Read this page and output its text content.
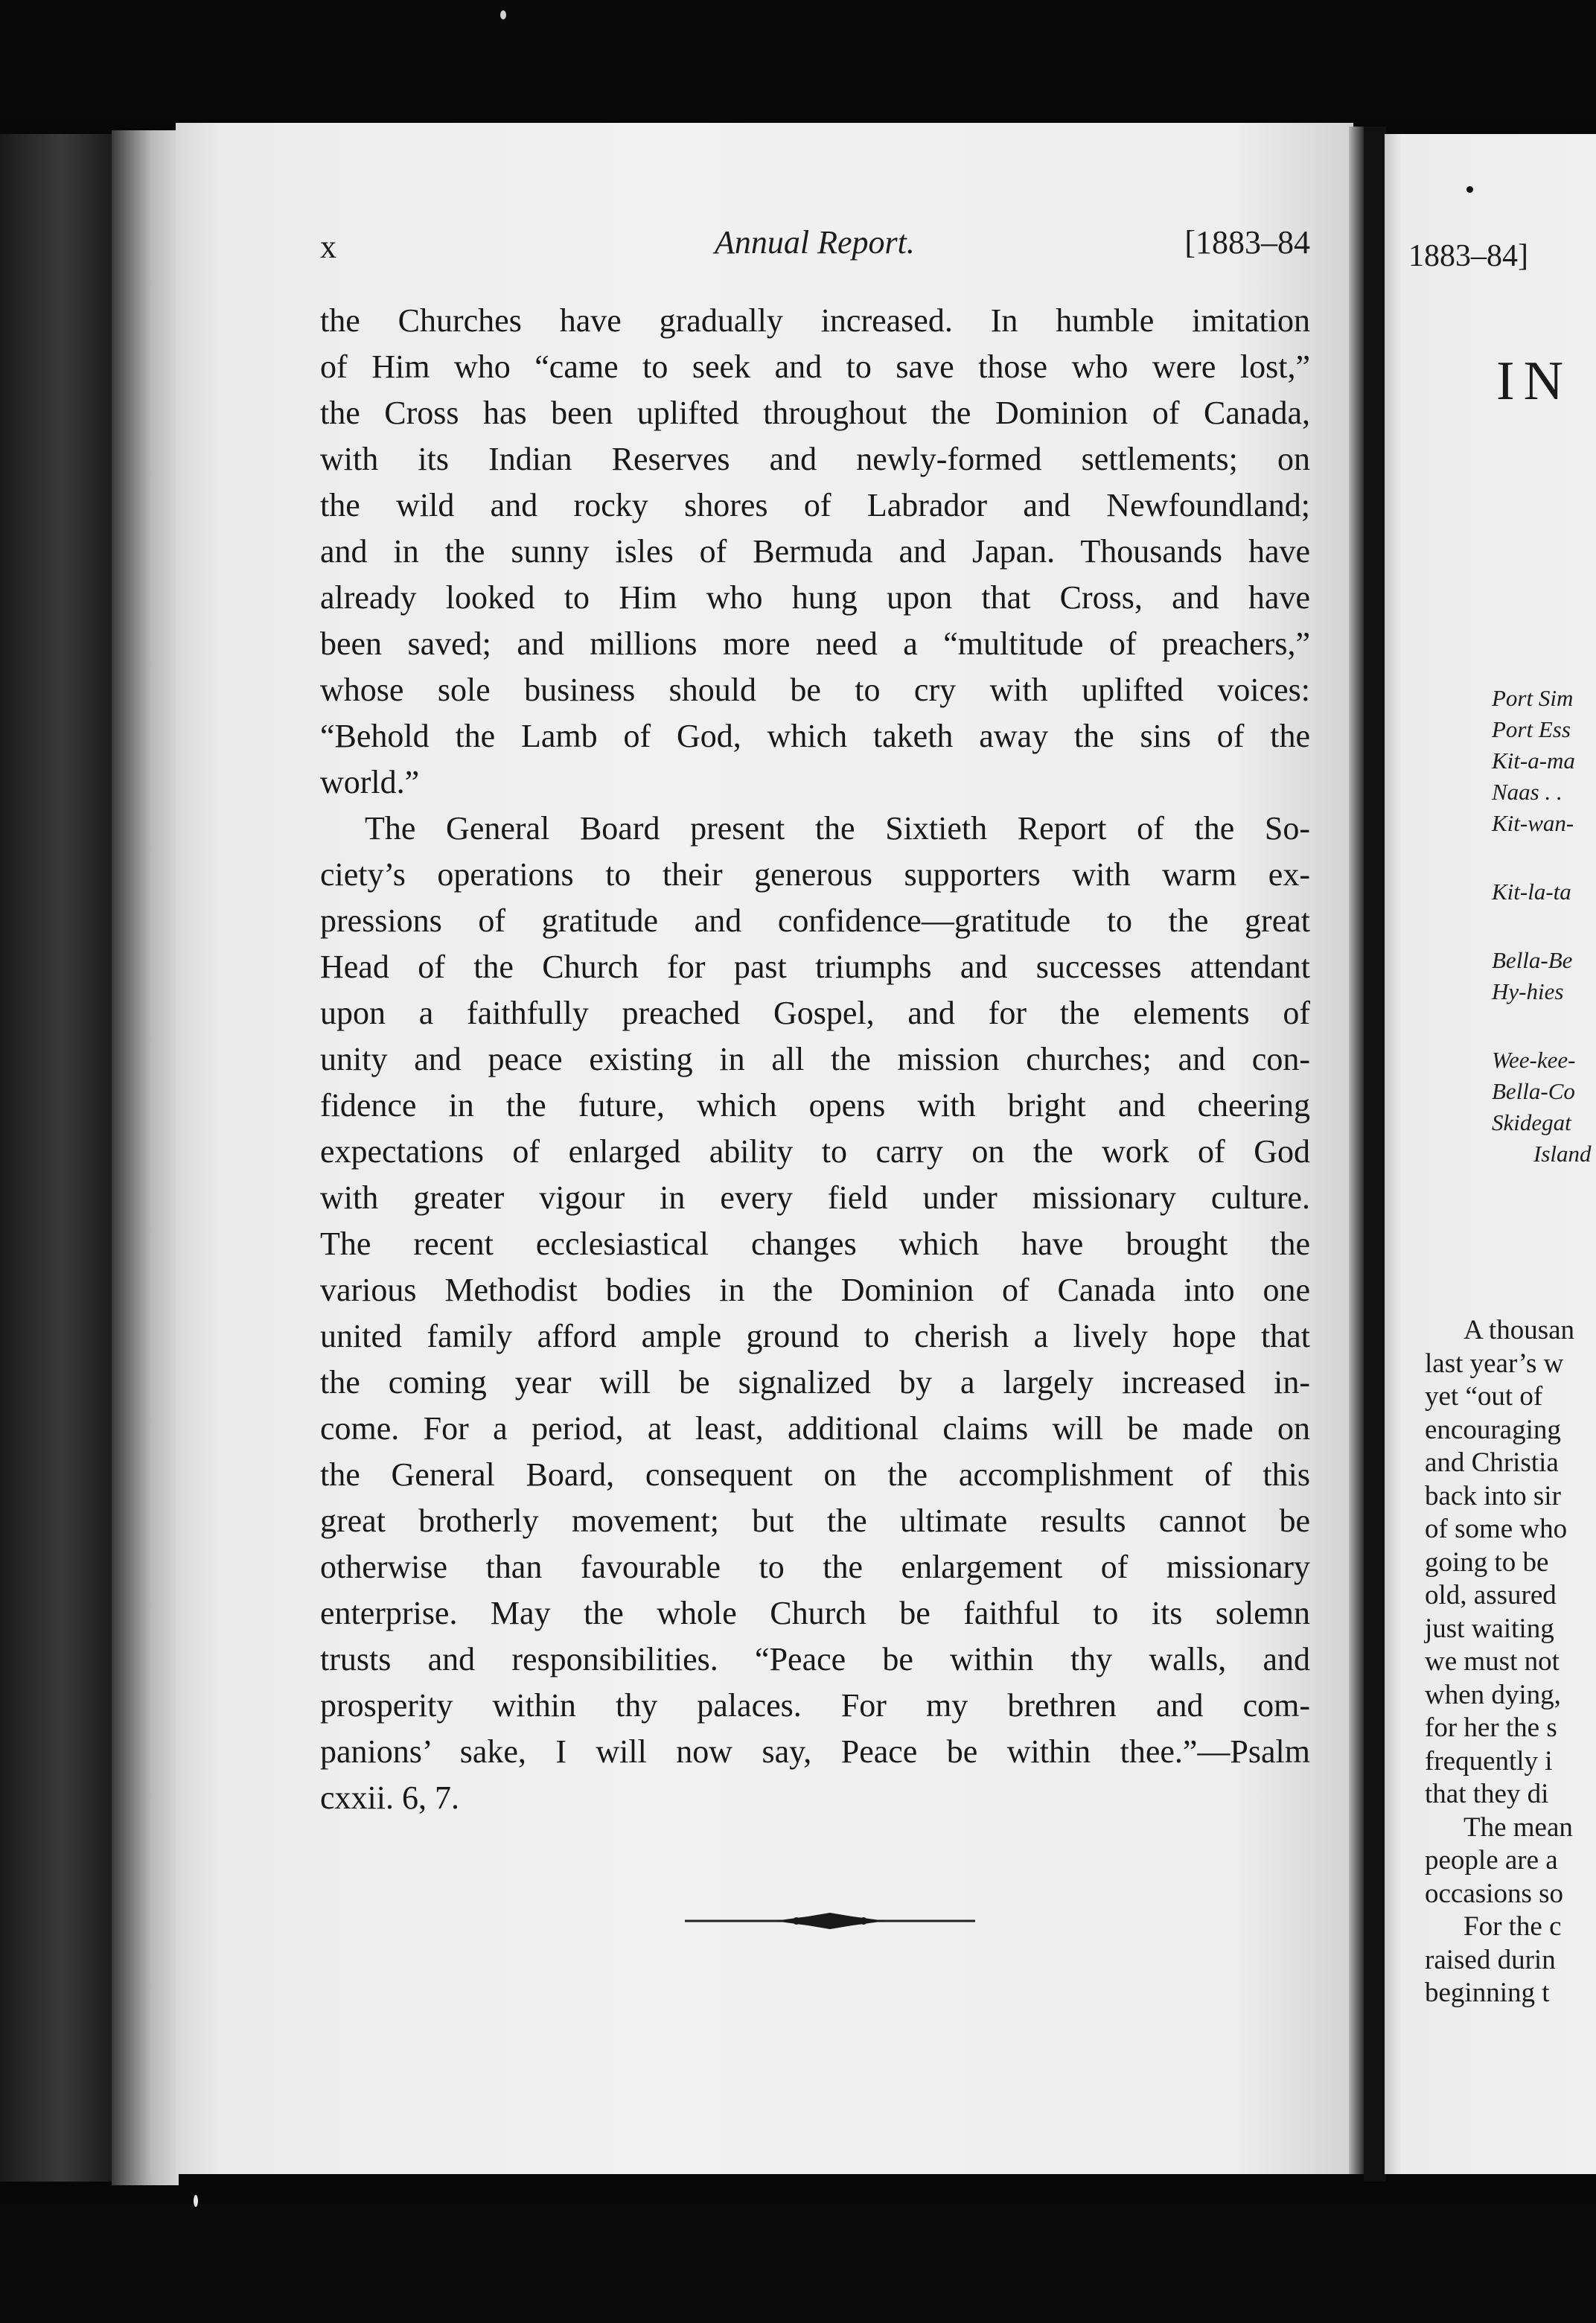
x	Annual Report.	[1883–84
the Churches have gradually increased. In humble imitation
of Him who “came to seek and to save those who were lost,”
the Cross has been uplifted throughout the Dominion of Canada,
with its Indian Reserves and newly-formed settlements; on
the wild and rocky shores of Labrador and Newfoundland;
and in the sunny isles of Bermuda and Japan. Thousands have
already looked to Him who hung upon that Cross, and have
been saved; and millions more need a “multitude of preachers,”
whose sole business should be to cry with uplifted voices:
“Behold the Lamb of God, which taketh away the sins of the
world.”
The General Board present the Sixtieth Report of the So-
ciety’s operations to their generous supporters with warm ex-
pressions of gratitude and confidence—gratitude to the great
Head of the Church for past triumphs and successes attendant
upon a faithfully preached Gospel, and for the elements of
unity and peace existing in all the mission churches; and con-
fidence in the future, which opens with bright and cheering
expectations of enlarged ability to carry on the work of God
with greater vigour in every field under missionary culture.
The recent ecclesiastical changes which have brought the
various Methodist bodies in the Dominion of Canada into one
united family afford ample ground to cherish a lively hope that
the coming year will be signalized by a largely increased in-
come. For a period, at least, additional claims will be made on
the General Board, consequent on the accomplishment of this
great brotherly movement; but the ultimate results cannot be
otherwise than favourable to the enlargement of missionary
enterprise. May the whole Church be faithful to its solemn
trusts and responsibilities. “Peace be within thy walls, and
prosperity within thy palaces. For my brethren and com-
panions’ sake, I will now say, Peace be within thee.”—Psalm
cxxii. 6, 7.
1883–84]
IN
Port Sim
Port Ess
Kit-a-ma
Naas . .
Kit-wan-
Kit-la-ta
Bella-Be
Hy-hies
Wee-kee-
Bella-Co
Skidegat
Island
A thousan
last year’s w
yet “out of
encouraging
and Christia
back into sir
of some who
going to be
old, assured
just waiting
we must not
when dying,
for her the s
frequently i
that they di
The mean
people are a
occasions so
For the c
raised durin
beginning t
